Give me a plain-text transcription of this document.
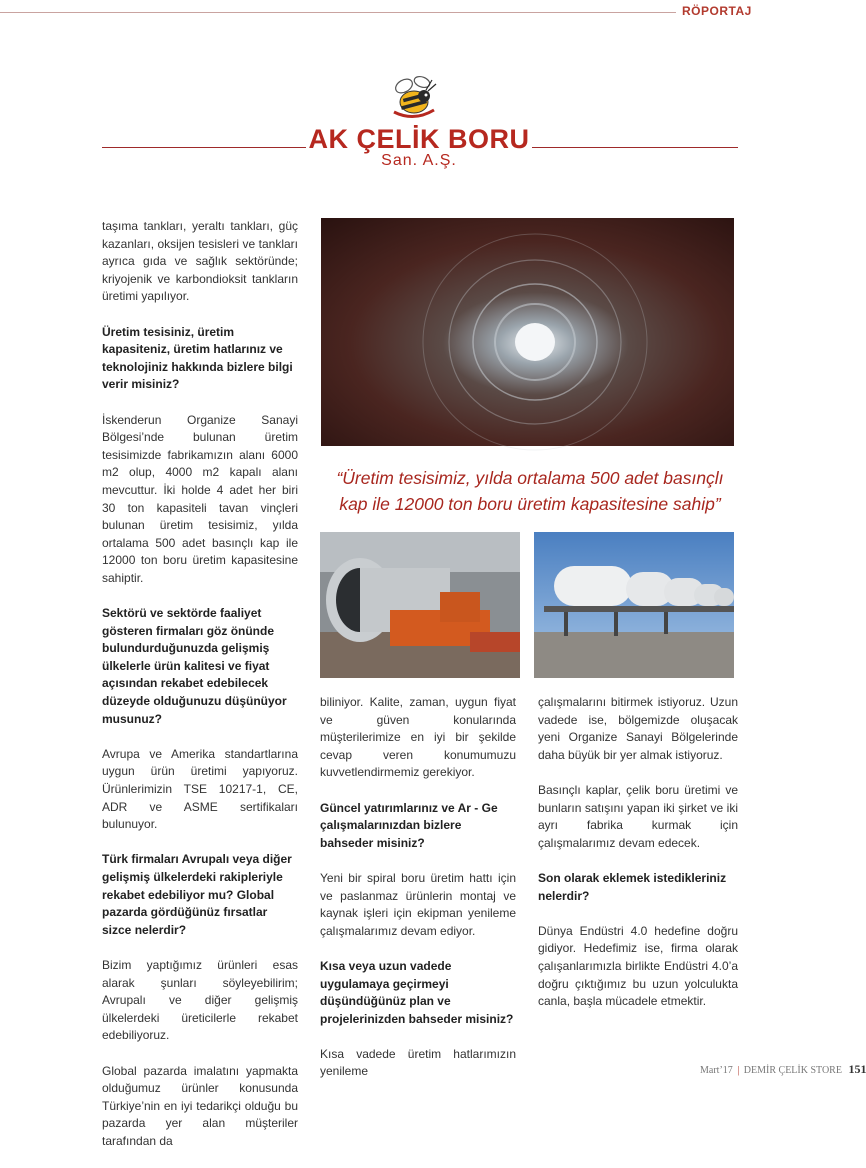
RÖPORTAJ
AK ÇELİK BORU
San. A.Ş.

taşıma tankları, yeraltı tankları, güç kazanları, oksijen tesisleri ve tankları ayrıca gıda ve sağlık sektöründe; kriyojenik ve karbondioksit tankların üretimi yapılıyor.

Üretim tesisiniz, üretim kapasiteniz, üretim hatlarınız ve teknolojiniz hakkında bizlere bilgi verir misiniz?

İskenderun Organize Sanayi Bölgesi’nde bulunan üretim tesisimizde fabrikamızın alanı 6000 m2 olup, 4000 m2 kapalı alanı mevcuttur. İki holde 4 adet her biri 30 ton kapasiteli tavan vinçleri bulunan üretim tesisimiz, yılda ortalama 500 adet basınçlı kap ile 12000 ton boru üretim kapasitesine sahiptir.

Sektörü ve sektörde faaliyet gösteren firmaları göz önünde bulundurduğunuzda gelişmiş ülkelerle ürün kalitesi ve fiyat açısından rekabet edebilecek düzeyde olduğunuzu düşünüyor musunuz?

Avrupa ve Amerika standartlarına uygun ürün üretimi yapıyoruz. Ürünlerimizin TSE 10217-1, CE, ADR ve ASME sertifikaları bulunuyor.

Türk firmaları Avrupalı veya diğer gelişmiş ülkelerdeki rakipleriyle rekabet edebiliyor mu? Global pazarda gördüğünüz fırsatlar sizce nelerdir?

Bizim yaptığımız ürünleri esas alarak şunları söyleyebilirim; Avrupalı ve diğer gelişmiş ülkelerdeki üreticilerle rekabet edebiliyoruz.

Global pazarda imalatını yapmakta olduğumuz ürünler konusunda Türkiye’nin en iyi tedarikçi olduğu bu pazarda yer alan müşteriler tarafından da

“Üretim tesisimiz, yılda ortalama 500 adet basınçlı kap ile 12000 ton boru üretim kapasitesine sahip”

biliniyor. Kalite, zaman, uygun fiyat ve güven konularında müşterilerimize en iyi bir şekilde cevap veren konumumuzu kuvvetlendirmemiz gerekiyor.

Güncel yatırımlarınız ve Ar - Ge çalışmalarınızdan bizlere bahseder misiniz?

Yeni bir spiral boru üretim hattı için ve paslanmaz ürünlerin montaj ve kaynak işleri için ekipman yenileme çalışmalarımız devam ediyor.

Kısa veya uzun vadede uygulamaya geçirmeyi düşündüğünüz plan ve projelerinizden bahseder misiniz?

Kısa vadede üretim hatlarımızın yenileme

çalışmalarını bitirmek istiyoruz. Uzun vadede ise, bölgemizde oluşacak yeni Organize Sanayi Bölgelerinde daha büyük bir yer almak istiyoruz.

Basınçlı kaplar, çelik boru üretimi ve bunların satışını yapan iki şirket ve iki ayrı fabrika kurmak için çalışmalarımız devam edecek.

Son olarak eklemek istedikleriniz nelerdir?

Dünya Endüstri 4.0 hedefine doğru gidiyor. Hedefimiz ise, firma olarak çalışanlarımızla birlikte Endüstri 4.0’a doğru çıktığımız bu uzun yolculukta canla, başla mücadele etmektir.

Mart’17 | DEMİR ÇELİK STORE 151
